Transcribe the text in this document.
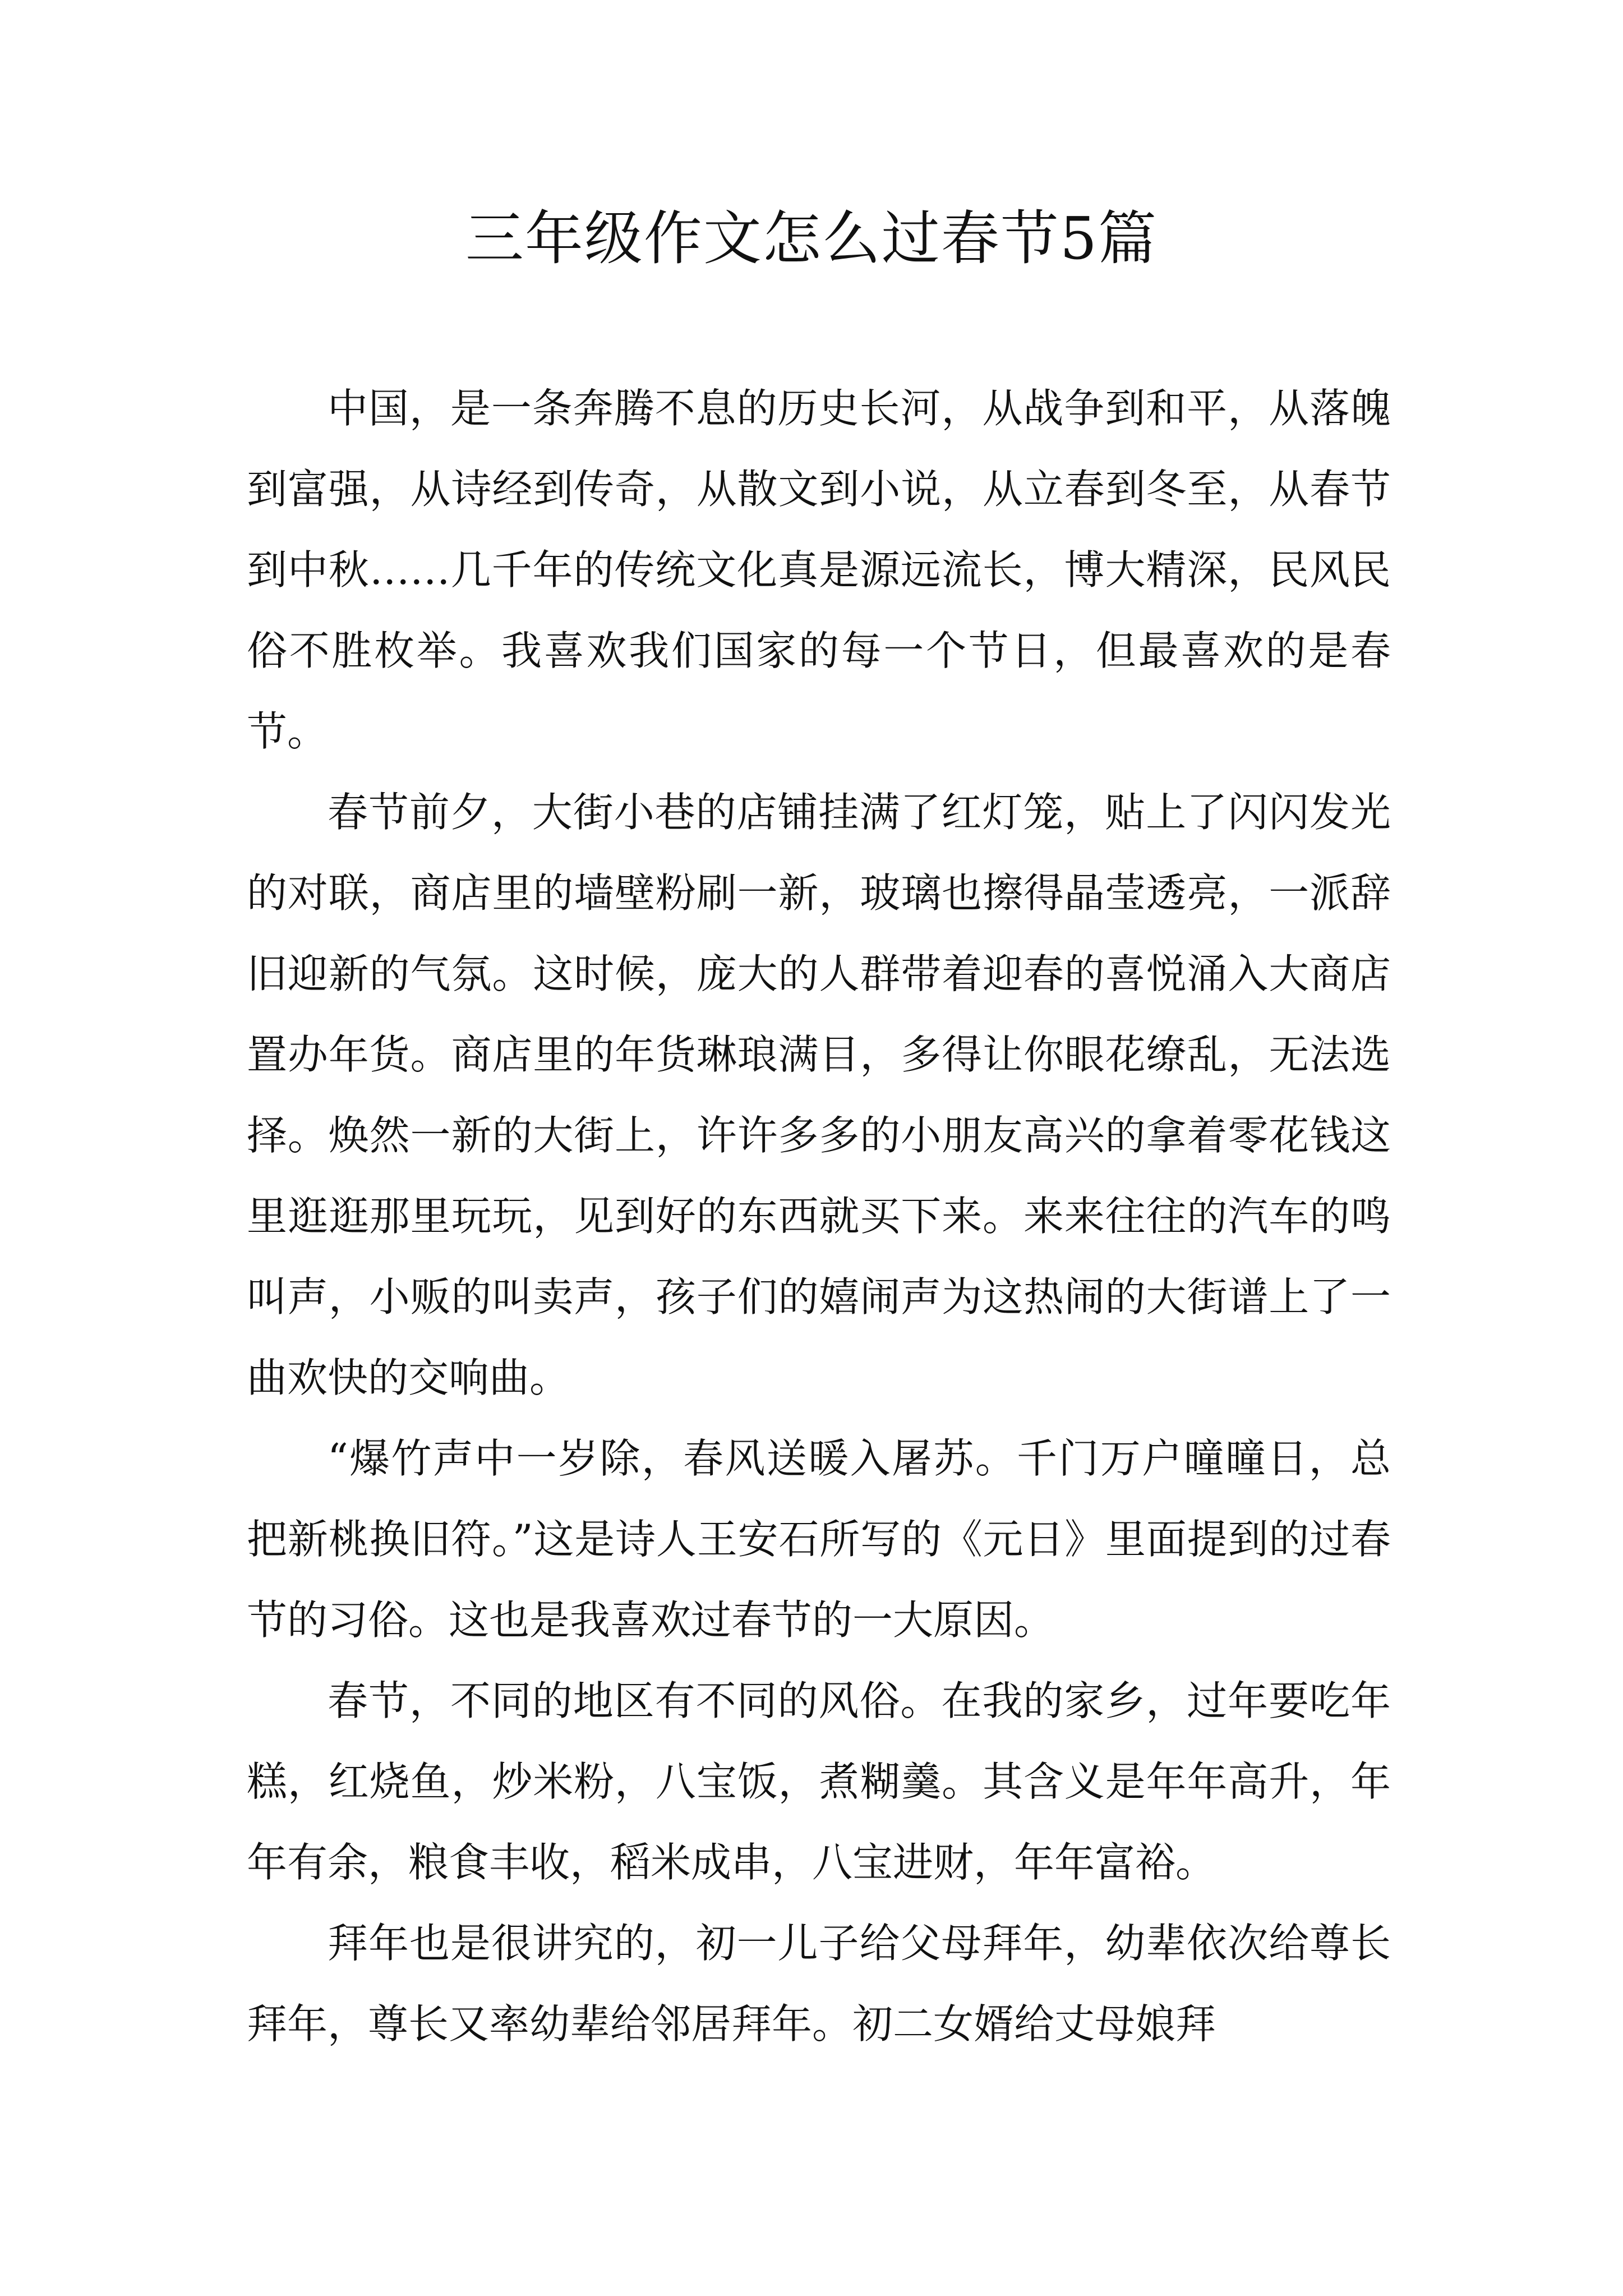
三年级作文怎么过春节5篇

中国，是一条奔腾不息的历史长河，从战争到和平，从落魄到富强，从诗经到传奇，从散文到小说，从立春到冬至，从春节到中秋……几千年的传统文化真是源远流长，博大精深，民风民俗不胜枚举。我喜欢我们国家的每一个节日，但最喜欢的是春节。

春节前夕，大街小巷的店铺挂满了红灯笼，贴上了闪闪发光的对联，商店里的墙壁粉刷一新，玻璃也擦得晶莹透亮，一派辞旧迎新的气氛。这时候，庞大的人群带着迎春的喜悦涌入大商店置办年货。商店里的年货琳琅满目，多得让你眼花缭乱，无法选择。焕然一新的大街上，许许多多的小朋友高兴的拿着零花钱这里逛逛那里玩玩，见到好的东西就买下来。来来往往的汽车的鸣叫声，小贩的叫卖声，孩子们的嬉闹声为这热闹的大街谱上了一曲欢快的交响曲。

“爆竹声中一岁除，春风送暖入屠苏。千门万户曈曈日，总把新桃换旧符。”这是诗人王安石所写的《元日》里面提到的过春节的习俗。这也是我喜欢过春节的一大原因。

春节，不同的地区有不同的风俗。在我的家乡，过年要吃年糕，红烧鱼，炒米粉，八宝饭，煮糊羹。其含义是年年高升，年年有余，粮食丰收，稻米成串，八宝进财，年年富裕。

拜年也是很讲究的，初一儿子给父母拜年，幼辈依次给尊长拜年，尊长又率幼辈给邻居拜年。初二女婿给丈母娘拜
